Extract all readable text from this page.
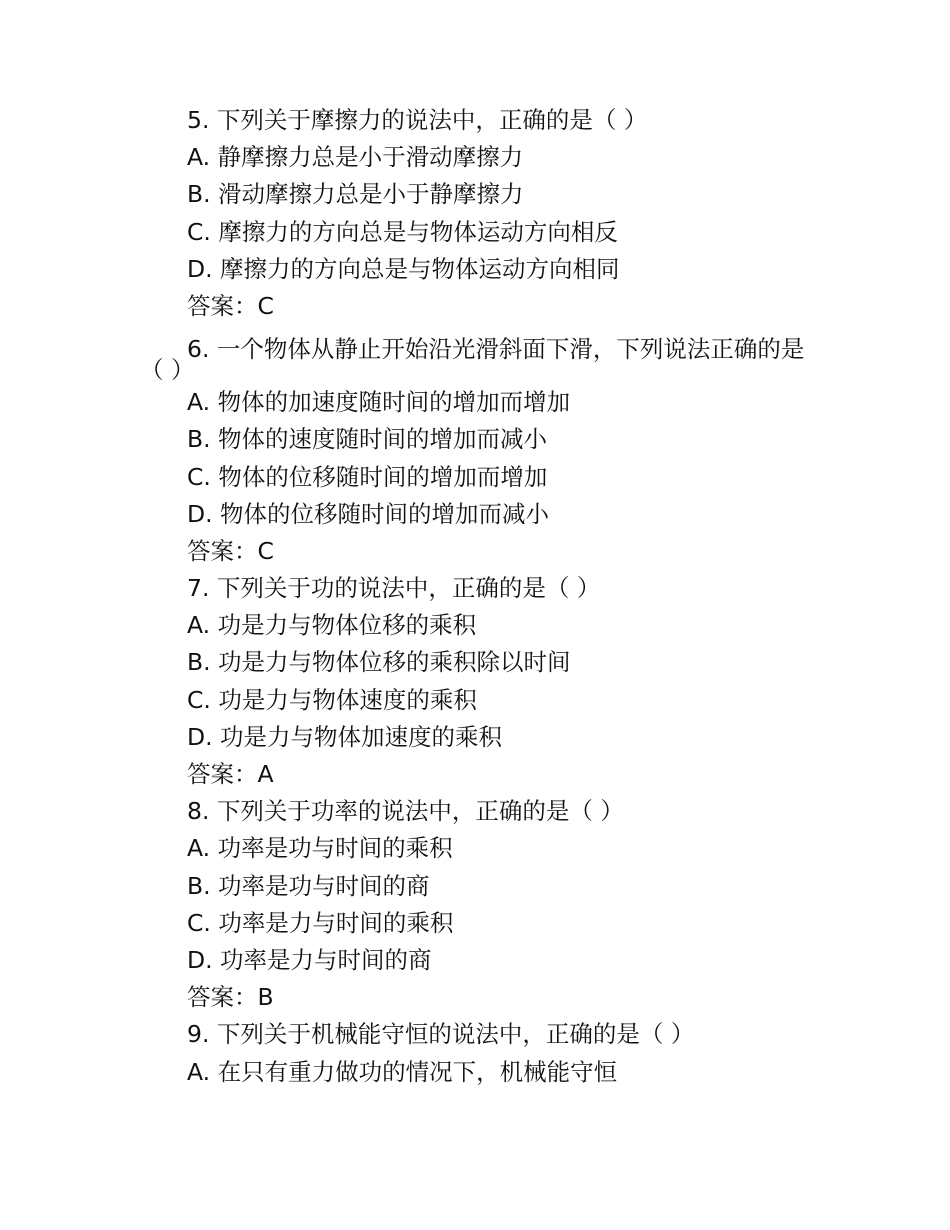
5. 下列关于摩擦力的说法中，正确的是（ ）
A. 静摩擦力总是小于滑动摩擦力
B. 滑动摩擦力总是小于静摩擦力
C. 摩擦力的方向总是与物体运动方向相反
D. 摩擦力的方向总是与物体运动方向相同
答案：C
6. 一个物体从静止开始沿光滑斜面下滑，下列说法正确的是（ ）
A. 物体的加速度随时间的增加而增加
B. 物体的速度随时间的增加而减小
C. 物体的位移随时间的增加而增加
D. 物体的位移随时间的增加而减小
答案：C
7. 下列关于功的说法中，正确的是（ ）
A. 功是力与物体位移的乘积
B. 功是力与物体位移的乘积除以时间
C. 功是力与物体速度的乘积
D. 功是力与物体加速度的乘积
答案：A
8. 下列关于功率的说法中，正确的是（ ）
A. 功率是功与时间的乘积
B. 功率是功与时间的商
C. 功率是力与时间的乘积
D. 功率是力与时间的商
答案：B
9. 下列关于机械能守恒的说法中，正确的是（ ）
A. 在只有重力做功的情况下，机械能守恒
